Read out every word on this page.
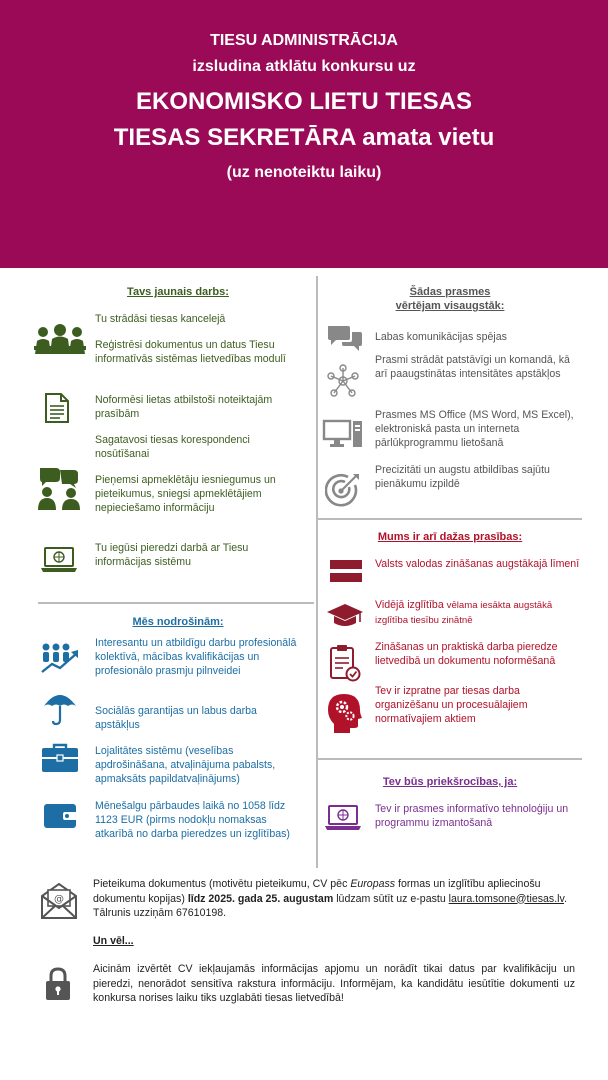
TIESU ADMINISTRĀCIJA
izsludina atklātu konkursu uz
EKONOMISKO LIETU TIESAS
TIESAS SEKRETĀRA amata vietu
(uz nenoteiktu laiku)
Tavs jaunais darbs:
Tu strādāsi tiesas kancelejā
Reģistrēsi dokumentus un datus Tiesu informatīvās sistēmas lietvedības modulī
Noformēsi lietas atbilstoši noteiktajām prasībām
Sagatavosi tiesas korespondenci nosūtīšanai
Pieņemsi apmeklētāju iesniegumus un pieteikumus, sniegsi apmeklētājiem nepieciešamo informāciju
Tu iegūsi pieredzi darbā ar Tiesu informācijas sistēmu
Mēs nodrošinām:
Interesantu un atbildīgu darbu profesionālā kolektīvā, mācības kvalifikācijas un profesionālo prasmju pilnveidei
Sociālās garantijas un labus darba apstākļus
Lojalitātes sistēmu (veselības apdrošināšana, atvaļinājuma pabalsts, apmaksāts papildatvaļinājums)
Mēnešalgu pārbaudes laikā no 1058 līdz 1123 EUR (pirms nodokļu nomaksas atkarībā no darba pieredzes un izglītības)
Šādas prasmes
vērtējam visaugstāk:
Labas komunikācijas spējas
Prasmi strādāt patstāvīgi un komandā, kā arī paaugstinātas intensitātes apstākļos
Prasmes MS Office (MS Word, MS Excel), elektroniskā pasta un interneta pārlūkprogrammu lietošanā
Precizitāti un augstu atbildības sajūtu pienākumu izpildē
Mums ir arī dažas prasības:
Valsts valodas zināšanas augstākajā līmenī
Vidējā izglītība vēlama iesākta augstākā izglītība tiesību zinātnē
Zināšanas un praktiskā darba pieredze lietvedībā un dokumentu noformēšanā
Tev ir izpratne par tiesas darba organizēšanu un procesuālajiem normatīvajiem aktiem
Tev būs priekšrocības, ja:
Tev ir prasmes informatīvo tehnoloģiju un programmu izmantošanā
@
Pieteikuma dokumentus (motivētu pieteikumu, CV pēc Europass formas un izglītību apliecinošu dokumentu kopijas) līdz 2025. gada 25. augustam lūdzam sūtīt uz e-pastu laura.tomsone@tiesas.lv. Tālrunis uzziņām 67610198.
Un vēl...
Aicinām izvērtēt CV iekļaujamās informācijas apjomu un norādīt tikai datus par kvalifikāciju un pieredzi, nenorādot sensitīva rakstura informāciju. Informējam, ka kandidātu iesūtītie dokumenti uz konkursa norises laiku tiks uzglabāti tiesas lietvedībā!
